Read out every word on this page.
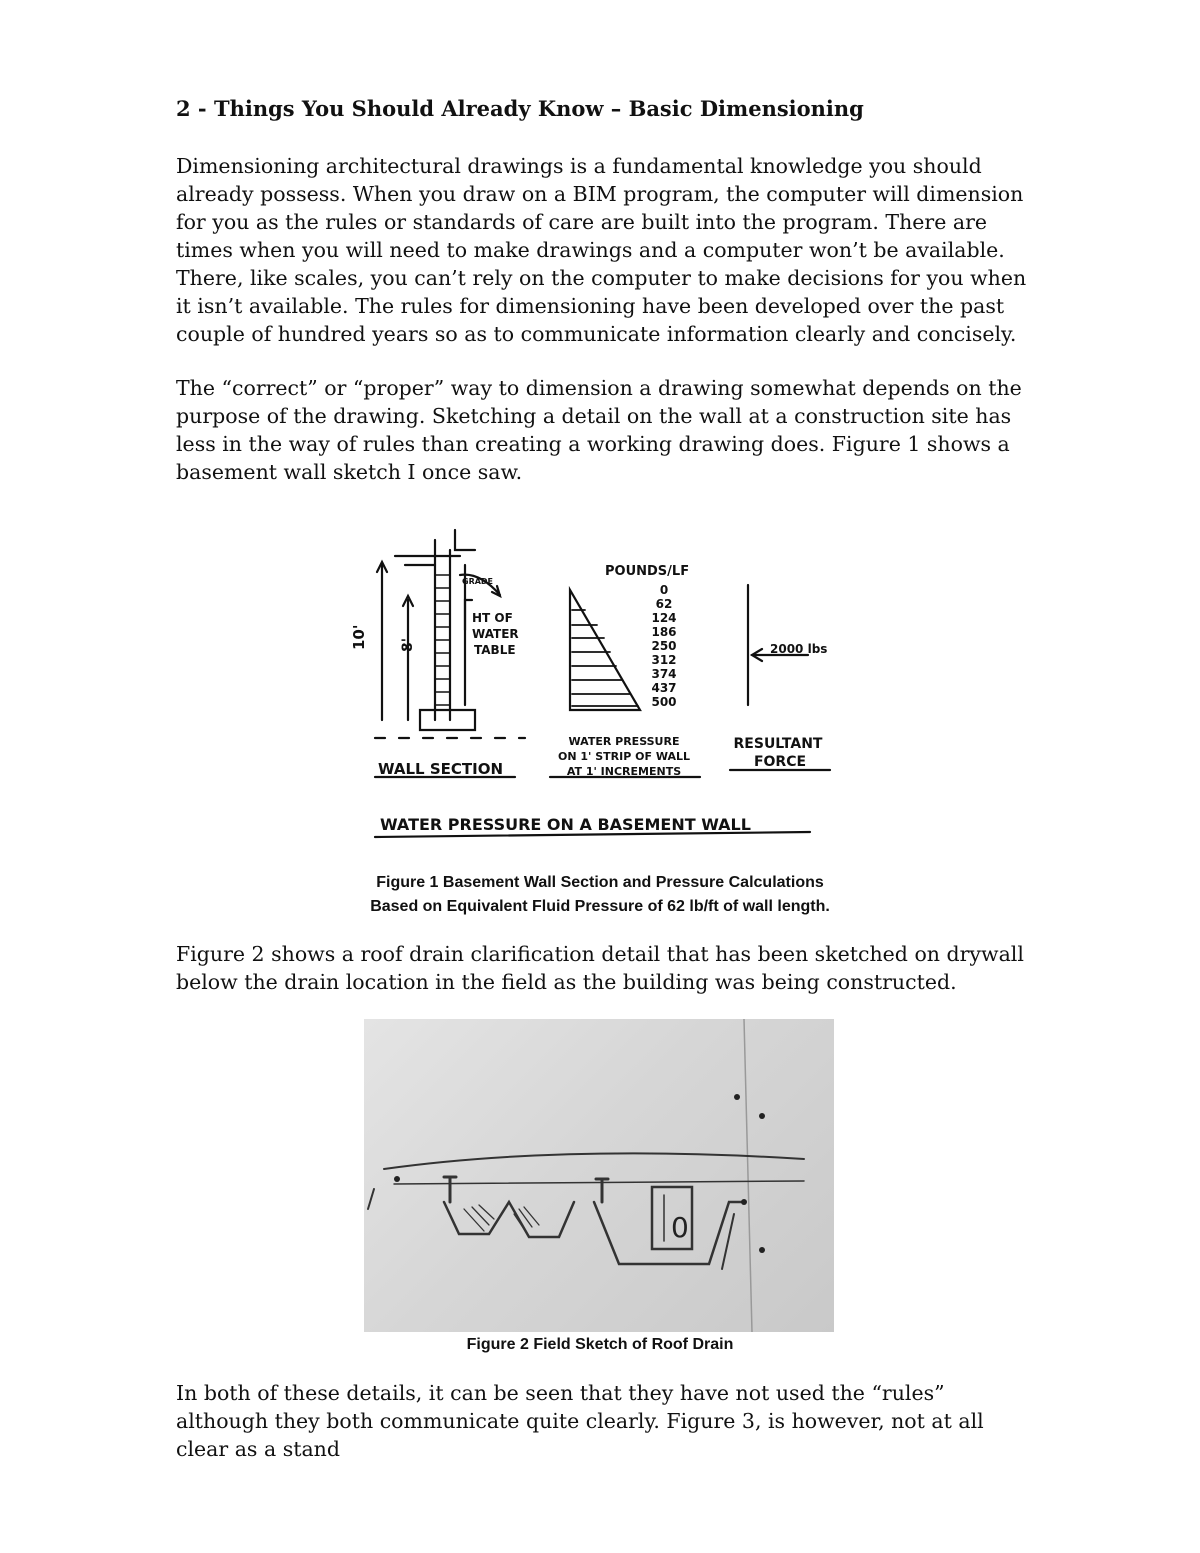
2 - Things You Should Already Know – Basic Dimensioning
Dimensioning architectural drawings is a fundamental knowledge you should already possess. When you draw on a BIM program, the computer will dimension for you as the rules or standards of care are built into the program. There are times when you will need to make drawings and a computer won’t be available. There, like scales, you can’t rely on the computer to make decisions for you when it isn’t available. The rules for dimensioning have been developed over the past couple of hundred years so as to communicate information clearly and concisely.
The “correct” or “proper” way to dimension a drawing somewhat depends on the purpose of the drawing. Sketching a detail on the wall at a construction site has less in the way of rules than creating a working drawing does. Figure 1 shows a basement wall sketch I once saw.
10' 8'
GRADE
HT OF
WATER
TABLE
POUNDS/LF
0
62
124
186
250
312
374
437
500
2000 lbs
WALL SECTION
WATER PRESSURE
ON 1' STRIP OF WALL
AT 1' INCREMENTS
RESULTANT
FORCE
WATER PRESSURE ON A BASEMENT WALL
Figure 1 Basement Wall Section and Pressure Calculations
Based on Equivalent Fluid Pressure of 62 lb/ft of wall length.
Figure 2 shows a roof drain clarification detail that has been sketched on drywall below the drain location in the field as the building was being constructed.
0
Figure 2 Field Sketch of Roof Drain
In both of these details, it can be seen that they have not used the “rules” although they both communicate quite clearly. Figure 3, is however, not at all clear as a stand
